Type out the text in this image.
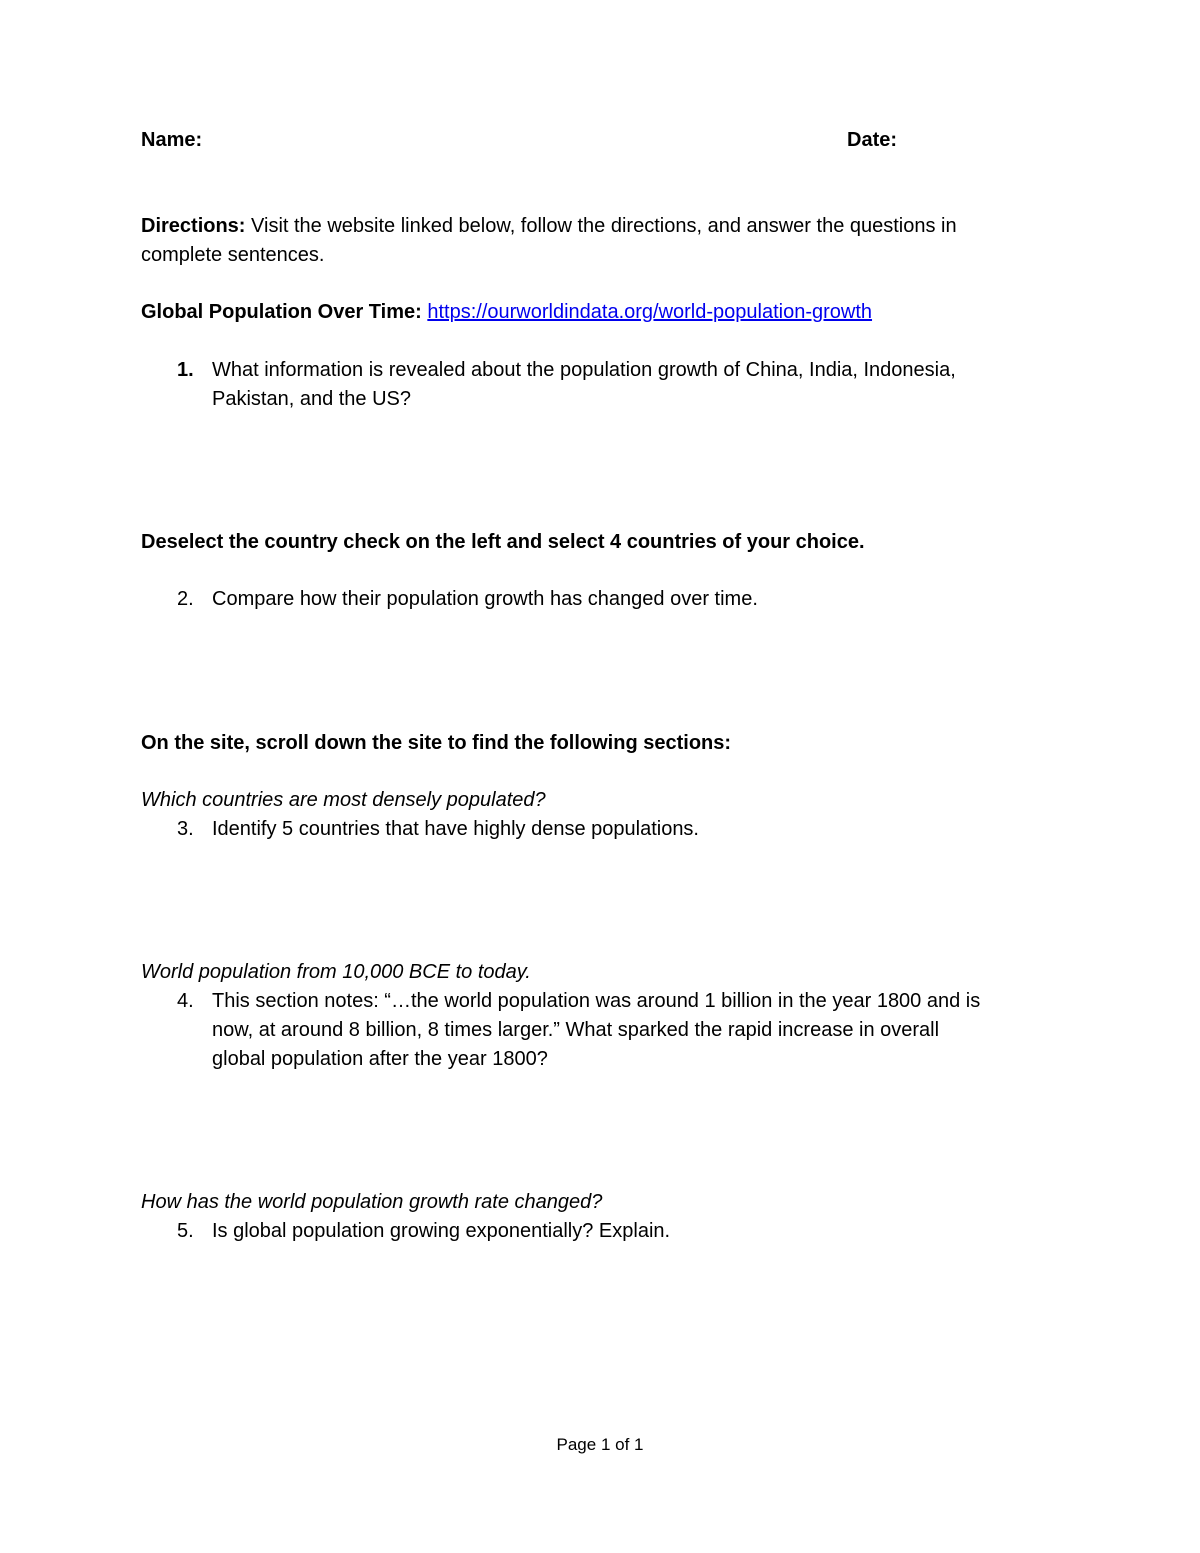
Name:	Date:
Directions: Visit the website linked below, follow the directions, and answer the questions in
complete sentences.
Global Population Over Time: https://ourworldindata.org/world-population-growth
1. What information is revealed about the population growth of China, India, Indonesia,
Pakistan, and the US?
Deselect the country check on the left and select 4 countries of your choice.
2. Compare how their population growth has changed over time.
On the site, scroll down the site to find the following sections:
Which countries are most densely populated?
3. Identify 5 countries that have highly dense populations.
World population from 10,000 BCE to today.
4. This section notes: “…the world population was around 1 billion in the year 1800 and is
now, at around 8 billion, 8 times larger.” What sparked the rapid increase in overall
global population after the year 1800?
How has the world population growth rate changed?
5. Is global population growing exponentially? Explain.
Page 1 of 1
